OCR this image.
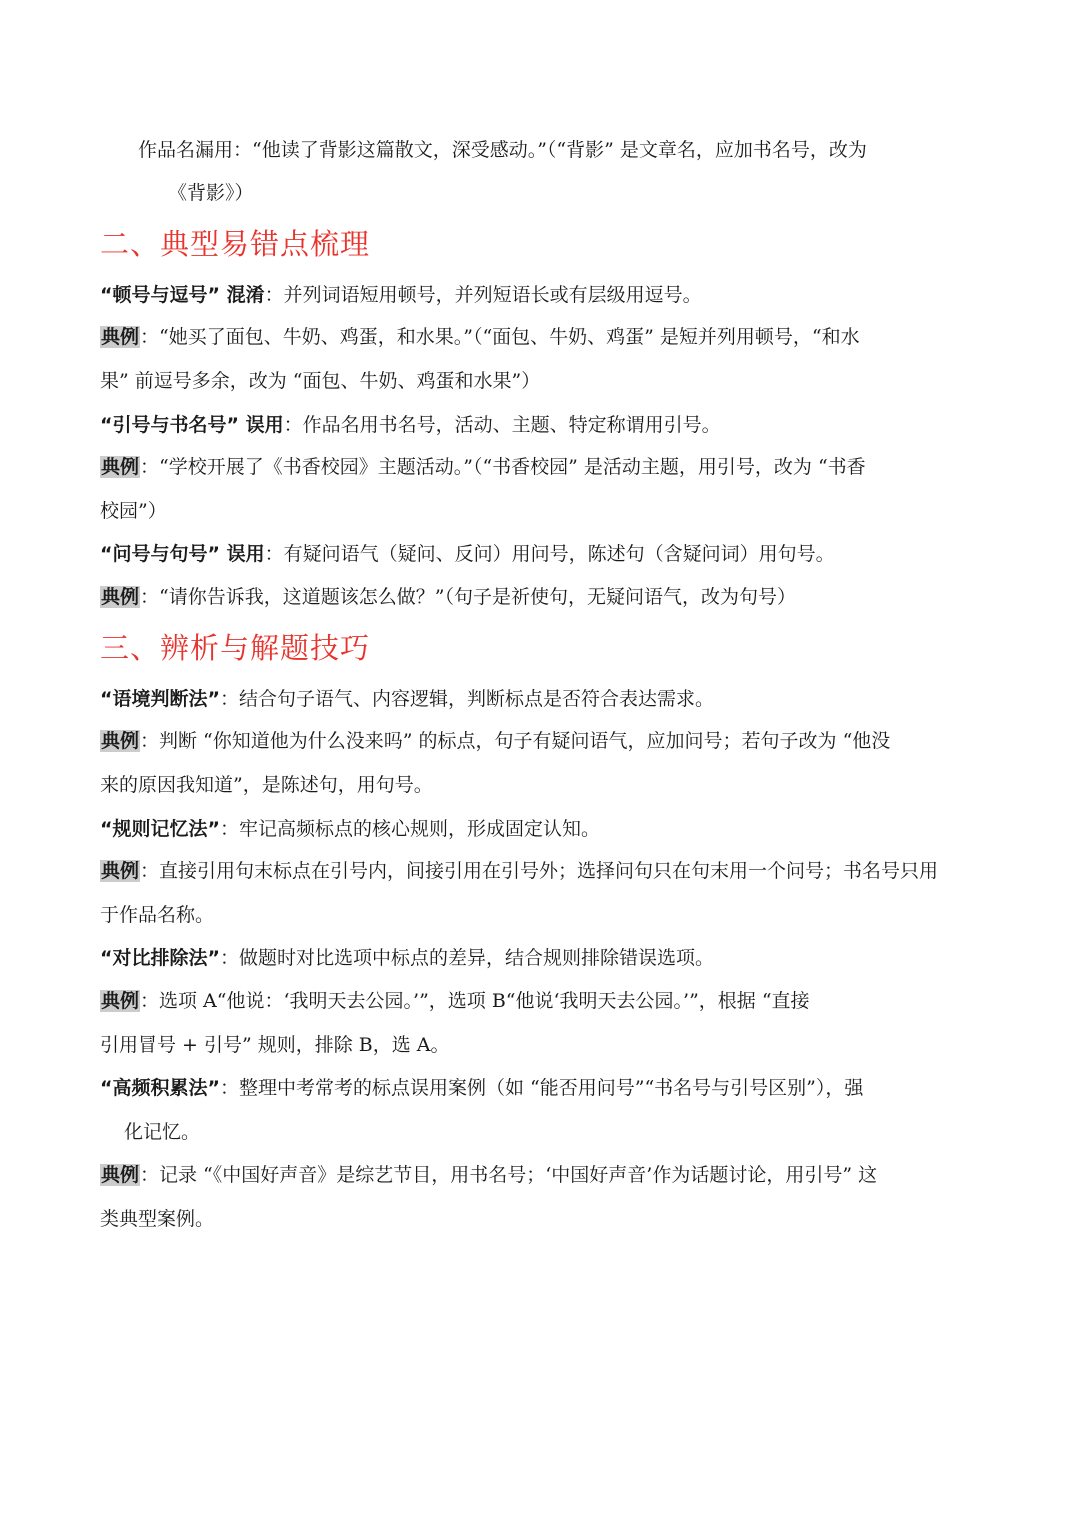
作品名漏用：“他读了背影这篇散文，深受感动。”（“背影” 是文章名，应加书名号，改为
《背影》）
二、典型易错点梳理
“顿号与逗号” 混淆：并列词语短用顿号，并列短语长或有层级用逗号。
典例：“她买了面包、牛奶、鸡蛋，和水果。”（“面包、牛奶、鸡蛋” 是短并列用顿号，“和水
果” 前逗号多余，改为 “面包、牛奶、鸡蛋和水果”）
“引号与书名号” 误用：作品名用书名号，活动、主题、特定称谓用引号。
典例：“学校开展了《书香校园》主题活动。”（“书香校园” 是活动主题，用引号，改为 “书香
校园”）
“问号与句号” 误用：有疑问语气（疑问、反问）用问号，陈述句（含疑问词）用句号。
典例：“请你告诉我，这道题该怎么做？”（句子是祈使句，无疑问语气，改为句号）
三、辨析与解题技巧
“语境判断法”：结合句子语气、内容逻辑，判断标点是否符合表达需求。
典例：判断 “你知道他为什么没来吗” 的标点，句子有疑问语气，应加问号；若句子改为 “他没
来的原因我知道”，是陈述句，用句号。
“规则记忆法”：牢记高频标点的核心规则，形成固定认知。
典例：直接引用句末标点在引号内，间接引用在引号外；选择问句只在句末用一个问号；书名号只用
于作品名称。
“对比排除法”：做题时对比选项中标点的差异，结合规则排除错误选项。
典例：选项 A“他说：‘我明天去公园。’”，选项 B“他说‘我明天去公园。’”，根据 “直接
引用冒号 + 引号” 规则，排除 B，选 A。
“高频积累法”：整理中考常考的标点误用案例（如 “能否用问号”“书名号与引号区别”），强
化记忆。
典例：记录 “《中国好声音》是综艺节目，用书名号；‘中国好声音’作为话题讨论，用引号” 这
类典型案例。
